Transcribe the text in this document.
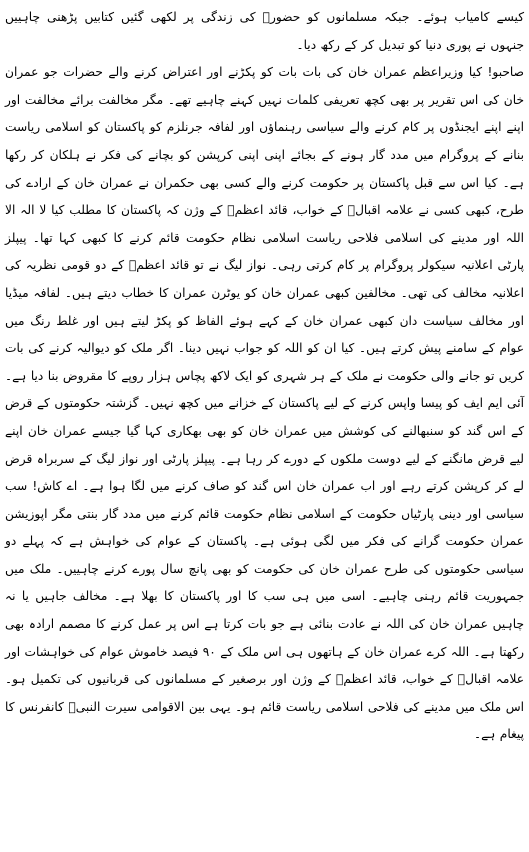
کیسے کامیاب ہوئے۔ جبکہ مسلمانوں کو حضورؐ کی زندگی پر لکھی گئیں کتابیں پڑھنی چاہییں جنہوں نے پوری دنیا کو تبدیل کر کے رکھ دیا۔

صاحبو! کیا وزیراعظم عمران خان کی بات بات کو پکڑنے اور اعتراض کرنے والے حضرات جو عمران خان کی اس تقریر پر بھی کچھ تعریفی کلمات نہیں کہنے چاہیے تھے۔ مگر مخالفت برائے مخالفت اور اپنے اپنے ایجنڈوں پر کام کرنے والے سیاسی رہنماؤں اور لفافہ جرنلزم کو پاکستان کو اسلامی ریاست بنانے کے پروگرام میں مدد گار ہونے کے بجائے اپنی اپنی کرپشن کو بچانے کی فکر نے ہلکان کر رکھا ہے۔ کیا اس سے قبل پاکستان پر حکومت کرنے والے کسی بھی حکمران نے عمران خان کے ارادے کی طرح، کبھی کسی نے علامہ اقبالؒ کے خواب، قائد اعظمؒ کے وژن کہ پاکستان کا مطلب کیا لا الہ الا اللہ اور مدینے کی اسلامی فلاحی ریاست اسلامی نظام حکومت قائم کرنے کا کبھی کہا تھا۔ پیپلز پارٹی اعلانیہ سیکولر پروگرام پر کام کرتی رہی۔ نواز لیگ نے تو قائد اعظمؒ کے دو قومی نظریہ کی اعلانیہ مخالف کی تھی۔ مخالفین کبھی عمران خان کو یوٹرن عمران کا خطاب دیتے ہیں۔ لفافہ میڈیا اور مخالف سیاست دان کبھی عمران خان کے کہے ہوئے الفاظ کو پکڑ لیتے ہیں اور غلط رنگ میں عوام کے سامنے پیش کرتے ہیں۔ کیا ان کو اللہ کو جواب نہیں دینا۔ اگر ملک کو دیوالیہ کرنے کی بات کریں تو جانے والی حکومت نے ملک کے ہر شہری کو ایک لاکھ پچاس ہزار روپے کا مقروض بنا دیا ہے۔ آئی ایم ایف کو پیسا واپس کرنے کے لیے پاکستان کے خزانے میں کچھ نہیں۔ گزشتہ حکومتوں کے قرض کے اس گند کو سنبھالنے کی کوشش میں عمران خان کو بھی بھکاری کہا گیا جیسے عمران خان اپنے لیے قرض مانگنے کے لیے دوست ملکوں کے دورے کر رہا ہے۔ پیپلز پارٹی اور نواز لیگ کے سربراہ قرض لے کر کرپشن کرتے رہے اور اب عمران خان اس گند کو صاف کرنے میں لگا ہوا ہے۔ اے کاش! سب سیاسی اور دینی پارٹیاں حکومت کے اسلامی نظام حکومت قائم کرنے میں مدد گار بنتی مگر اپوزیشن عمران حکومت گرانے کی فکر میں لگی ہوئی ہے۔ پاکستان کے عوام کی خواہش ہے کہ پہلے دو سیاسی حکومتوں کی طرح عمران خان کی حکومت کو بھی پانچ سال پورے کرنے چاہییں۔ ملک میں جمہوریت قائم رہنی چاہیے۔ اسی میں ہی سب کا اور پاکستان کا بھلا ہے۔ مخالف جاہیں یا نہ چاہیں عمران خان کی اللہ نے عادت بنائی ہے جو بات کرتا ہے اس پر عمل کرنے کا مصمم ارادہ بھی رکھتا ہے۔ اللہ کرے عمران خان کے ہاتھوں ہی اس ملک کے ۹۰ فیصد خاموش عوام کی خواہشات اور علامہ اقبالؒ کے خواب، قائد اعظمؒ کے وژن اور برصغیر کے مسلمانوں کی قربانیوں کی تکمیل ہو۔ اس ملک میں مدینے کی فلاحی اسلامی ریاست قائم ہو۔ یہی بین الاقوامی سیرت النبیؐ کانفرنس کا پیغام ہے۔
